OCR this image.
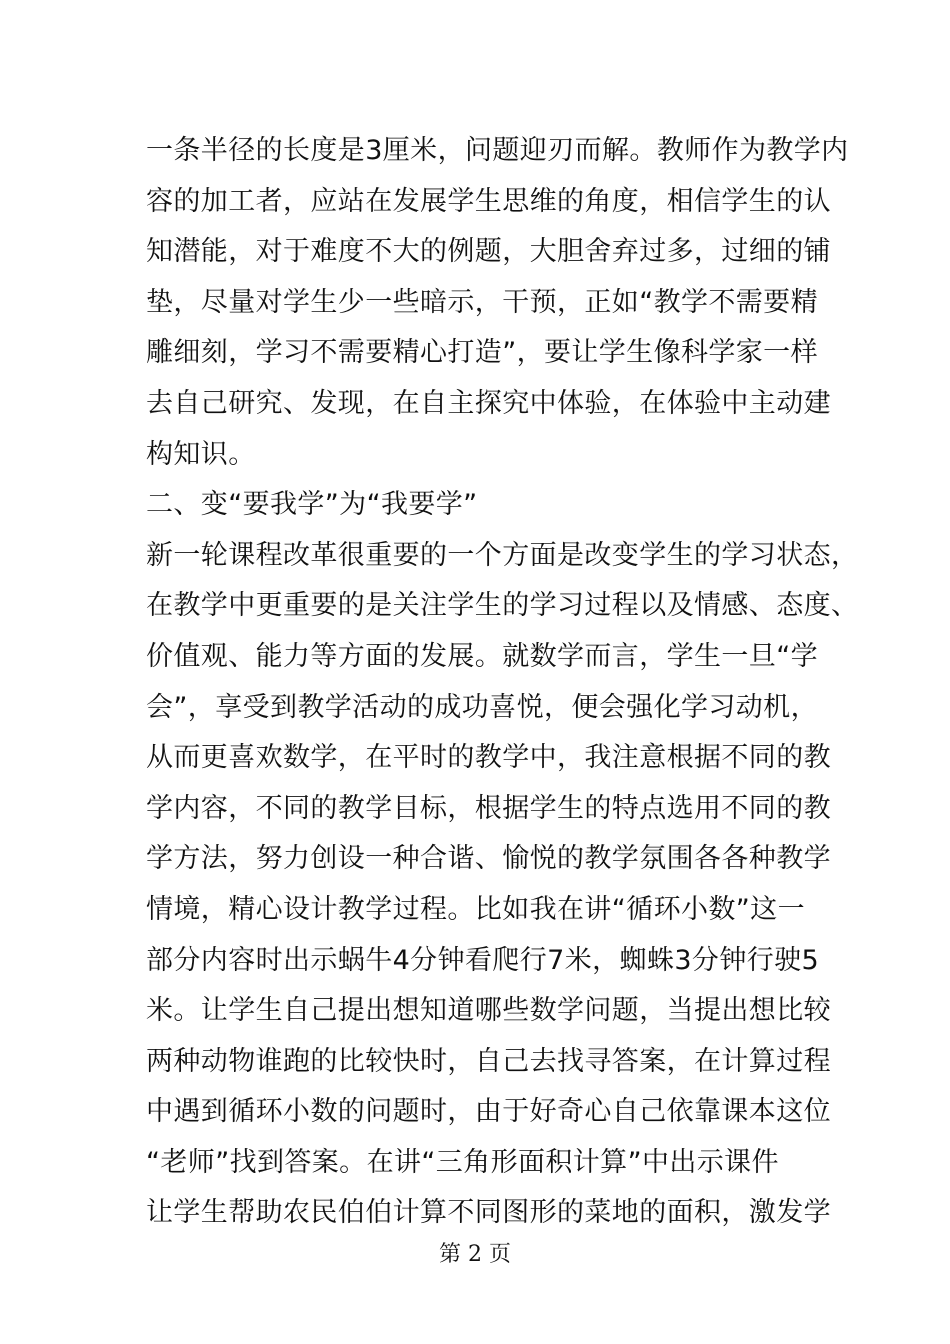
一条半径的长度是3厘米，问题迎刃而解。教师作为教学内
容的加工者，应站在发展学生思维的角度，相信学生的认
知潜能，对于难度不大的例题，大胆舍弃过多，过细的铺
垫，尽量对学生少一些暗示，干预，正如“教学不需要精
雕细刻，学习不需要精心打造”，要让学生像科学家一样
去自己研究、发现，在自主探究中体验，在体验中主动建
构知识。
二、变“要我学”为“我要学”
新一轮课程改革很重要的一个方面是改变学生的学习状态，
在教学中更重要的是关注学生的学习过程以及情感、态度、
价值观、能力等方面的发展。就数学而言，学生一旦“学
会”，享受到教学活动的成功喜悦，便会强化学习动机，
从而更喜欢数学，在平时的教学中，我注意根据不同的教
学内容，不同的教学目标，根据学生的特点选用不同的教
学方法，努力创设一种合谐、愉悦的教学氛围各各种教学
情境，精心设计教学过程。比如我在讲“循环小数”这一
部分内容时出示蜗牛4分钟看爬行7米，蜘蛛3分钟行驶5
米。让学生自己提出想知道哪些数学问题，当提出想比较
两种动物谁跑的比较快时，自己去找寻答案，在计算过程
中遇到循环小数的问题时，由于好奇心自己依靠课本这位
“老师”找到答案。在讲“三角形面积计算”中出示课件
让学生帮助农民伯伯计算不同图形的菜地的面积，激发学
第 2 页
